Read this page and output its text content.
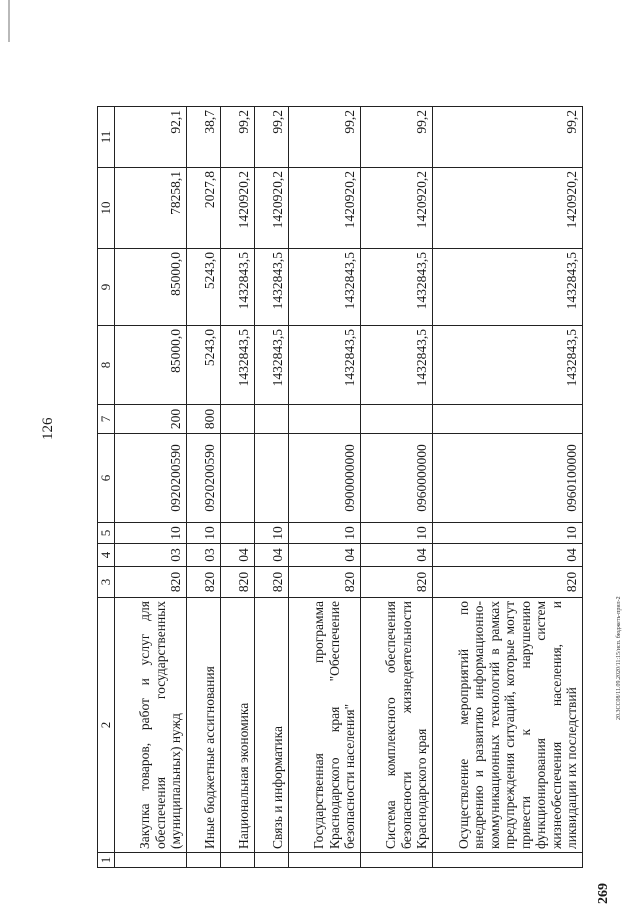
126
20.3CC08/11.09.2020/11:15/исп. бюджеть-прил-2
269
1	2	3	4	5	6	7	8	9	10	11
	Закупка товаров, работ и услуг для обеспечения государственных (муниципальных) нужд	820	03	10	0920200590	200	85000,0	85000,0	78258,1	92,1
	Иные бюджетные ассигнования	820	03	10	0920200590	800	5243,0	5243,0	2027,8	38,7
	Национальная экономика	820	04				1432843,5	1432843,5	1420920,2	99,2
	Связь и информатика	820	04	10			1432843,5	1432843,5	1420920,2	99,2
	Государственная программа Краснодарского края "Обеспечение безопасности населения"	820	04	10	0900000000		1432843,5	1432843,5	1420920,2	99,2
	Система комплексного обеспечения безопасности жизнедеятельности Краснодарского края	820	04	10	0960000000		1432843,5	1432843,5	1420920,2	99,2
	Осуществление мероприятий по внедрению и развитию информационно-коммуникационных технологий в рамках предупреждения ситуаций, которые могут привести к нарушению функционирования систем жизнеобеспечения населения, и ликвидации их последствий	820	04	10	0960100000		1432843,5	1432843,5	1420920,2	99,2
